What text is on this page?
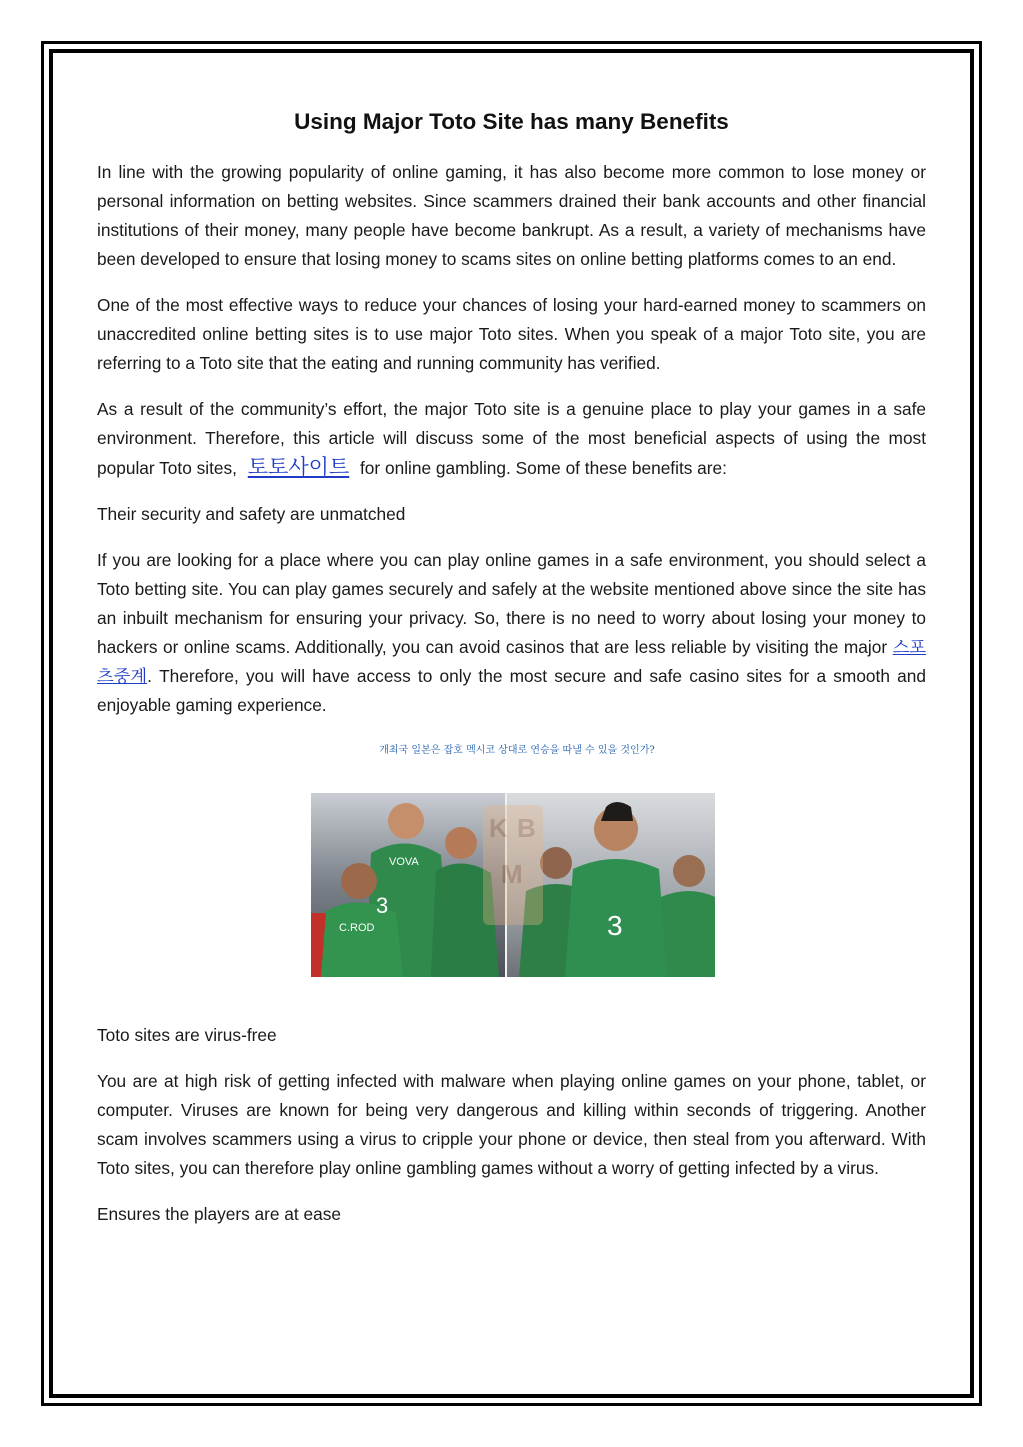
Using Major Toto Site has many Benefits

In line with the growing popularity of online gaming, it has also become more common to lose money or personal information on betting websites. Since scammers drained their bank accounts and other financial institutions of their money, many people have become bankrupt. As a result, a variety of mechanisms have been developed to ensure that losing money to scams sites on online betting platforms comes to an end.

One of the most effective ways to reduce your chances of losing your hard-earned money to scammers on unaccredited online betting sites is to use major Toto sites. When you speak of a major Toto site, you are referring to a Toto site that the eating and running community has verified.

As a result of the community’s effort, the major Toto site is a genuine place to play your games in a safe environment. Therefore, this article will discuss some of the most beneficial aspects of using the most popular Toto sites, 토토사이트 for online gambling. Some of these benefits are:

Their security and safety are unmatched

If you are looking for a place where you can play online games in a safe environment, you should select a Toto betting site. You can play games securely and safely at the website mentioned above since the site has an inbuilt mechanism for ensuring your privacy. So, there is no need to worry about losing your money to hackers or online scams. Additionally, you can avoid casinos that are less reliable by visiting the major 스포츠중계. Therefore, you will have access to only the most secure and safe casino sites for a smooth and enjoyable gaming experience.

개최국 일본은 잡호 멕시코 상대로 연승을 따낼 수 있을 것인가?
VOVA
3
C.ROD	3
K B
M

Toto sites are virus-free

You are at high risk of getting infected with malware when playing online games on your phone, tablet, or computer. Viruses are known for being very dangerous and killing within seconds of triggering. Another scam involves scammers using a virus to cripple your phone or device, then steal from you afterward. With Toto sites, you can therefore play online gambling games without a worry of getting infected by a virus.

Ensures the players are at ease
